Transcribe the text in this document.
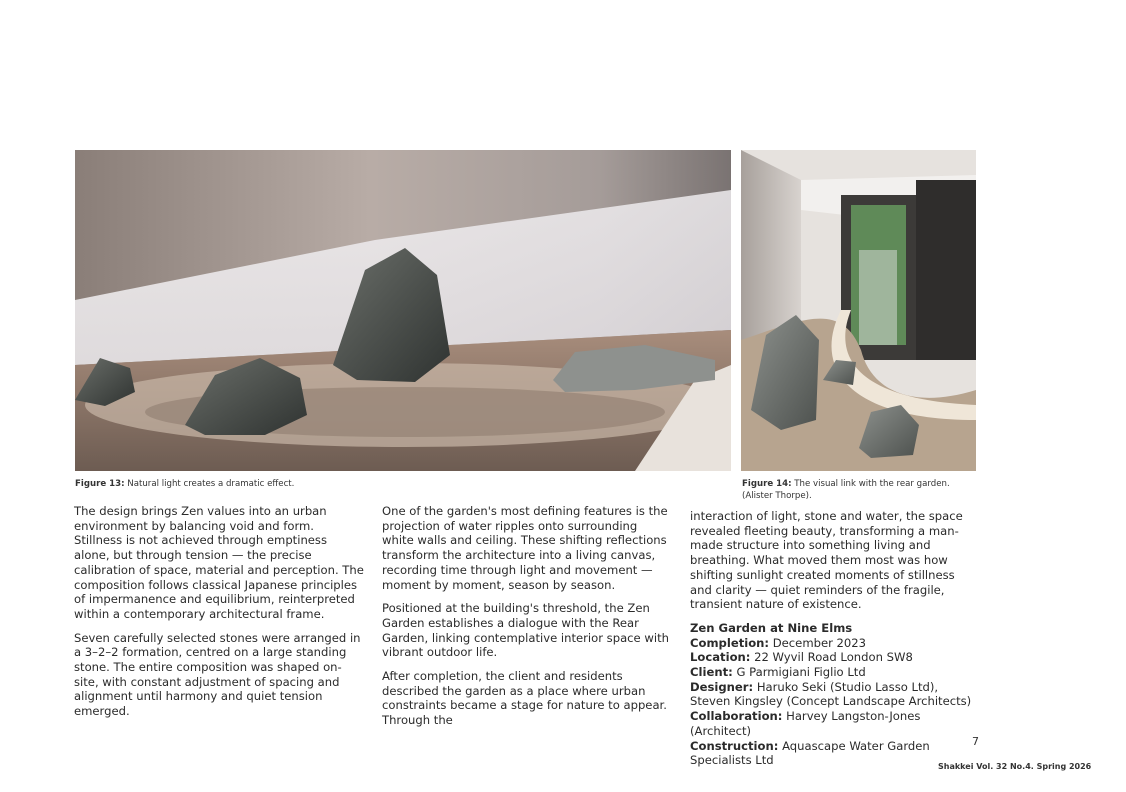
Figure 13: Natural light creates a dramatic effect.	Figure 14: The visual link with the rear garden.
(Alister Thorpe).

The design brings Zen values into an urban environment by balancing void and form. Stillness is not achieved through emptiness alone, but through tension — the precise calibration of space, material and perception. The composition follows classical Japanese principles of impermanence and equilibrium, reinterpreted within a contemporary architectural frame.

Seven carefully selected stones were arranged in a 3–2–2 formation, centred on a large standing stone. The entire composition was shaped on-site, with constant adjustment of spacing and alignment until harmony and quiet tension emerged.

One of the garden's most defining features is the projection of water ripples onto surrounding white walls and ceiling. These shifting reflections transform the architecture into a living canvas, recording time through light and movement — moment by moment, season by season.

Positioned at the building's threshold, the Zen Garden establishes a dialogue with the Rear Garden, linking contemplative interior space with vibrant outdoor life.

After completion, the client and residents described the garden as a place where urban constraints became a stage for nature to appear. Through the

interaction of light, stone and water, the space revealed fleeting beauty, transforming a man-made structure into something living and breathing. What moved them most was how shifting sunlight created moments of stillness and clarity — quiet reminders of the fragile, transient nature of existence.

Zen Garden at Nine Elms
Completion: December 2023
Location: 22 Wyvil Road London SW8
Client: G Parmigiani Figlio Ltd
Designer: Haruko Seki (Studio Lasso Ltd), Steven Kingsley (Concept Landscape Architects)
Collaboration: Harvey Langston-Jones (Architect)
Construction: Aquascape Water Garden Specialists Ltd
7
Shakkei Vol. 32 No.4. Spring 2026
